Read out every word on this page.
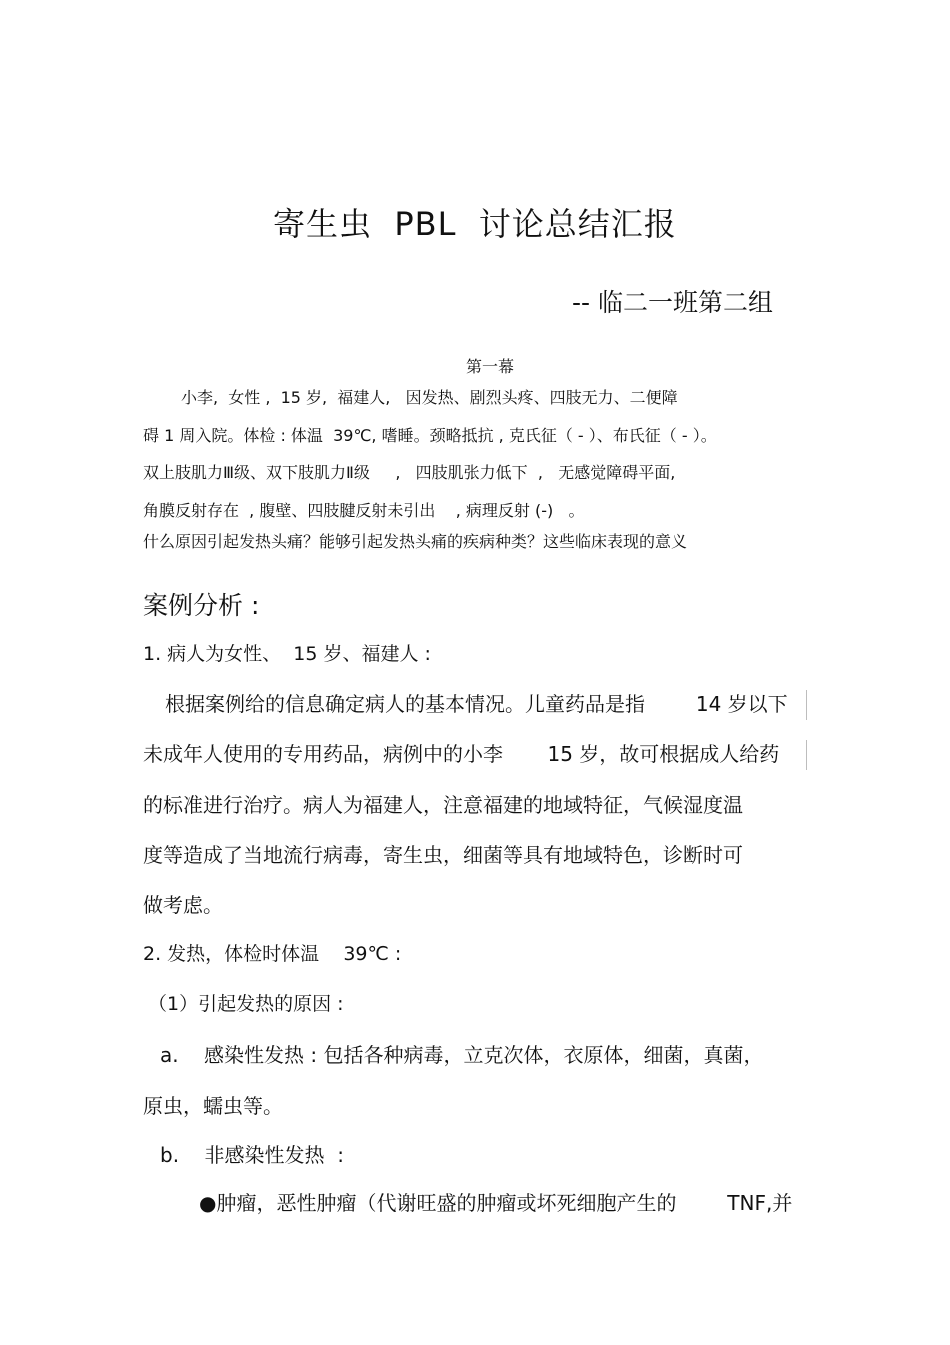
寄生虫  PBL  讨论总结汇报
-- 临二一班第二组
第一幕
小李,  女性 ,  15 岁,  福建人,   因发热、剧烈头疼、四肢无力、二便障
碍 1 周入院。体检 : 体温  39℃, 嗜睡。颈略抵抗 , 克氏征（ - ）、布氏征（ - ）。
双上肢肌力Ⅲ级、双下肢肌力Ⅱ级     ,   四肢肌张力低下  ,   无感觉障碍平面,
角膜反射存在  , 腹壁、四肢腱反射未引出    , 病理反射 (-)   。
什么原因引起发热头痛？能够引起发热头痛的疾病种类？这些临床表现的意义
案例分析 :
1. 病人为女性、  15 岁、福建人 :
根据案例给的信息确定病人的基本情况。儿童药品是指        14 岁以下
未成年人使用的专用药品，病例中的小李       15 岁，故可根据成人给药
的标准进行治疗。病人为福建人，注意福建的地域特征，气候湿度温
度等造成了当地流行病毒，寄生虫，细菌等具有地域特色，诊断时可
做考虑。
2. 发热，体检时体温    39℃ :
（1）引起发热的原因 :
a.    感染性发热 : 包括各种病毒，立克次体，衣原体，细菌，真菌，
原虫，蠕虫等。
b.    非感染性发热  :
●肿瘤，恶性肿瘤（代谢旺盛的肿瘤或坏死细胞产生的        TNF,并
